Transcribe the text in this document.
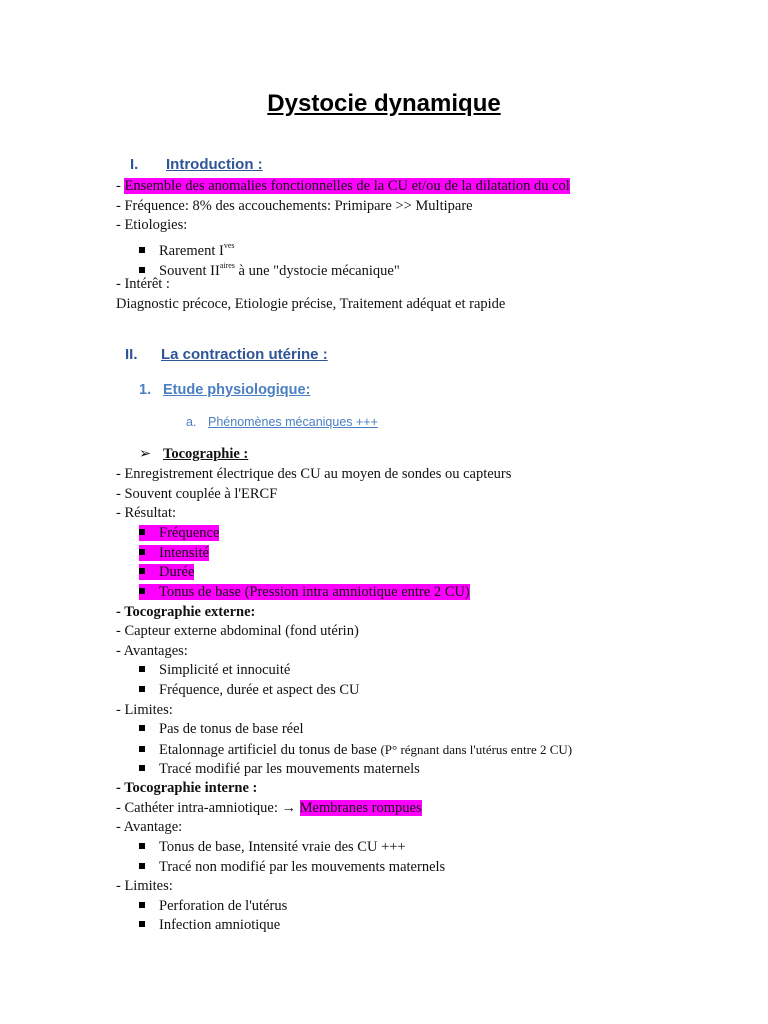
Dystocie dynamique
I. Introduction :
- Ensemble des anomalies fonctionnelles de la CU et/ou de la dilatation du col
- Fréquence: 8% des accouchements: Primipare >> Multipare
- Etiologies:
Rarement $I^{ves}$
Souvent $II^{aires}$ à une "dystocie mécanique"
- Intérêt :
Diagnostic précoce, Etiologie précise, Traitement adéquat et rapide
II. La contraction utérine :
1. Etude physiologique:
a. Phénomènes mécaniques +++
➢ Tocographie :
- Enregistrement électrique des CU au moyen de sondes ou capteurs
- Souvent couplée à l'ERCF
- Résultat:
Fréquence
Intensité
Durée
Tonus de base (Pression intra amniotique entre 2 CU)
- Tocographie externe:
- Capteur externe abdominal (fond utérin)
- Avantages:
Simplicité et innocuité
Fréquence, durée et aspect des CU
- Limites:
Pas de tonus de base réel
Etalonnage artificiel du tonus de base (P° régnant dans l'utérus entre 2 CU)
Tracé modifié par les mouvements maternels
- Tocographie interne :
- Cathéter intra-amniotique: → Membranes rompues
- Avantage:
Tonus de base, Intensité vraie des CU +++
Tracé non modifié par les mouvements maternels
- Limites:
Perforation de l'utérus
Infection amniotique
